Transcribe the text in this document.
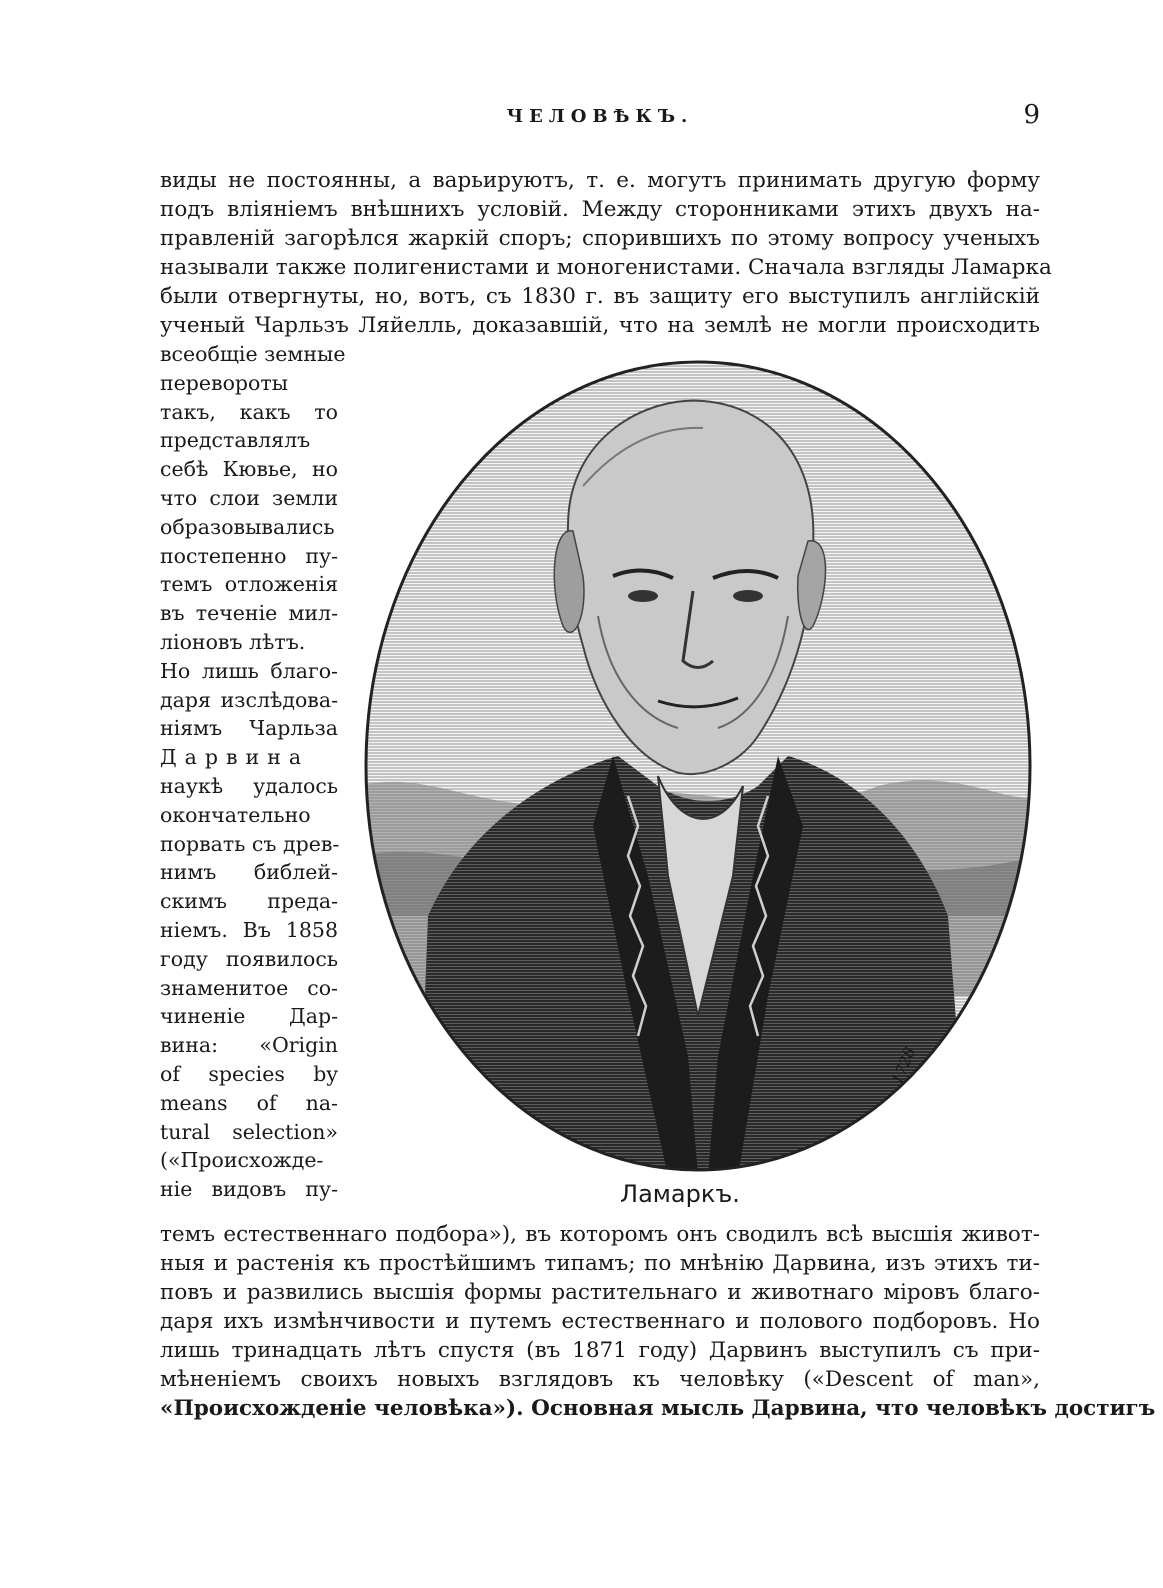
ЧЕЛОВѢКЪ.	9
виды не постоянны, а варьируютъ, т. е. могутъ принимать другую форму
подъ вліяніемъ внѣшнихъ условій. Между сторонниками этихъ двухъ на-
правленій загорѣлся жаркій споръ; спорившихъ по этому вопросу ученыхъ
называли также полигенистами и моногенистами. Сначала взгляды Ламарка
были отвергнуты, но, вотъ, съ 1830 г. въ защиту его выступилъ англійскій
ученый Чарльзъ Ляйелль, доказавшій, что на землѣ не могли происходить
всеобщіе земные
перевороты
такъ, какъ то
представлялъ
себѣ Кювье, но
что слои земли
образовывались
постепенно пу-
темъ отложенія
въ теченіе мил-
ліоновъ лѣтъ.
Но лишь благо-
даря изслѣдова-
ніямъ Чарльза
Дарвина
наукѣ удалось
окончательно
порвать съ древ-
нимъ библей-
скимъ преда-
ніемъ. Въ 1858
году появилось
знаменитое со-
чиненіе Дар-
вина: «Origin
of species by
means of na-
tural selection»
(«Происхожде-
ніе видовъ пу-
1728
Ламаркъ.
темъ естественнаго подбора»), въ которомъ онъ сводилъ всѣ высшія живот-
ныя и растенія къ простѣйшимъ типамъ; по мнѣнію Дарвина, изъ этихъ ти-
повъ и развились высшія формы растительнаго и животнаго міровъ благо-
даря ихъ измѣнчивости и путемъ естественнаго и полового подборовъ. Но
лишь тринадцать лѣтъ спустя (въ 1871 году) Дарвинъ выступилъ съ при-
мѣненіемъ своихъ новыхъ взглядовъ къ человѣку («Descent of man»,
«Происхожденіе человѣка»). Основная мысль Дарвина, что человѣкъ достигъ
